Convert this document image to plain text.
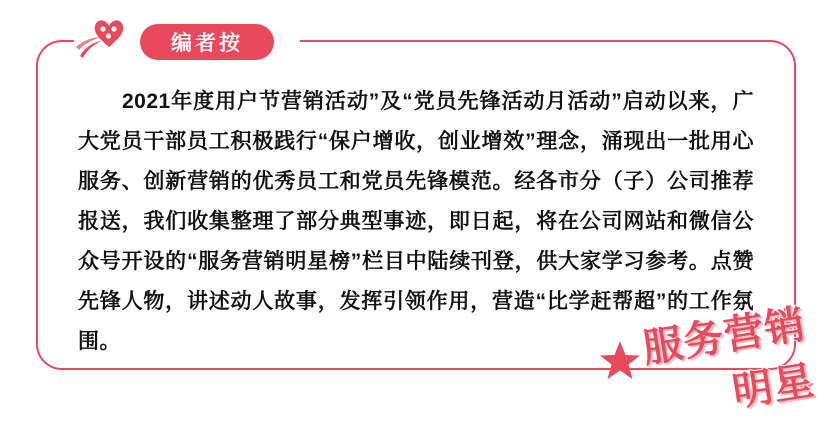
编者按
2021年度用户节营销活动”及“党员先锋活动月活动”启动以来，广大党员干部员工积极践行“保户增收，创业增效”理念，涌现出一批用心服务、创新营销的优秀员工和党员先锋模范。经各市分（子）公司推荐报送，我们收集整理了部分典型事迹，即日起，将在公司网站和微信公众号开设的“服务营销明星榜”栏目中陆续刊登，供大家学习参考。点赞先锋人物，讲述动人故事，发挥引领作用，营造“比学赶帮超”的工作氛围。	服务营销
明星
